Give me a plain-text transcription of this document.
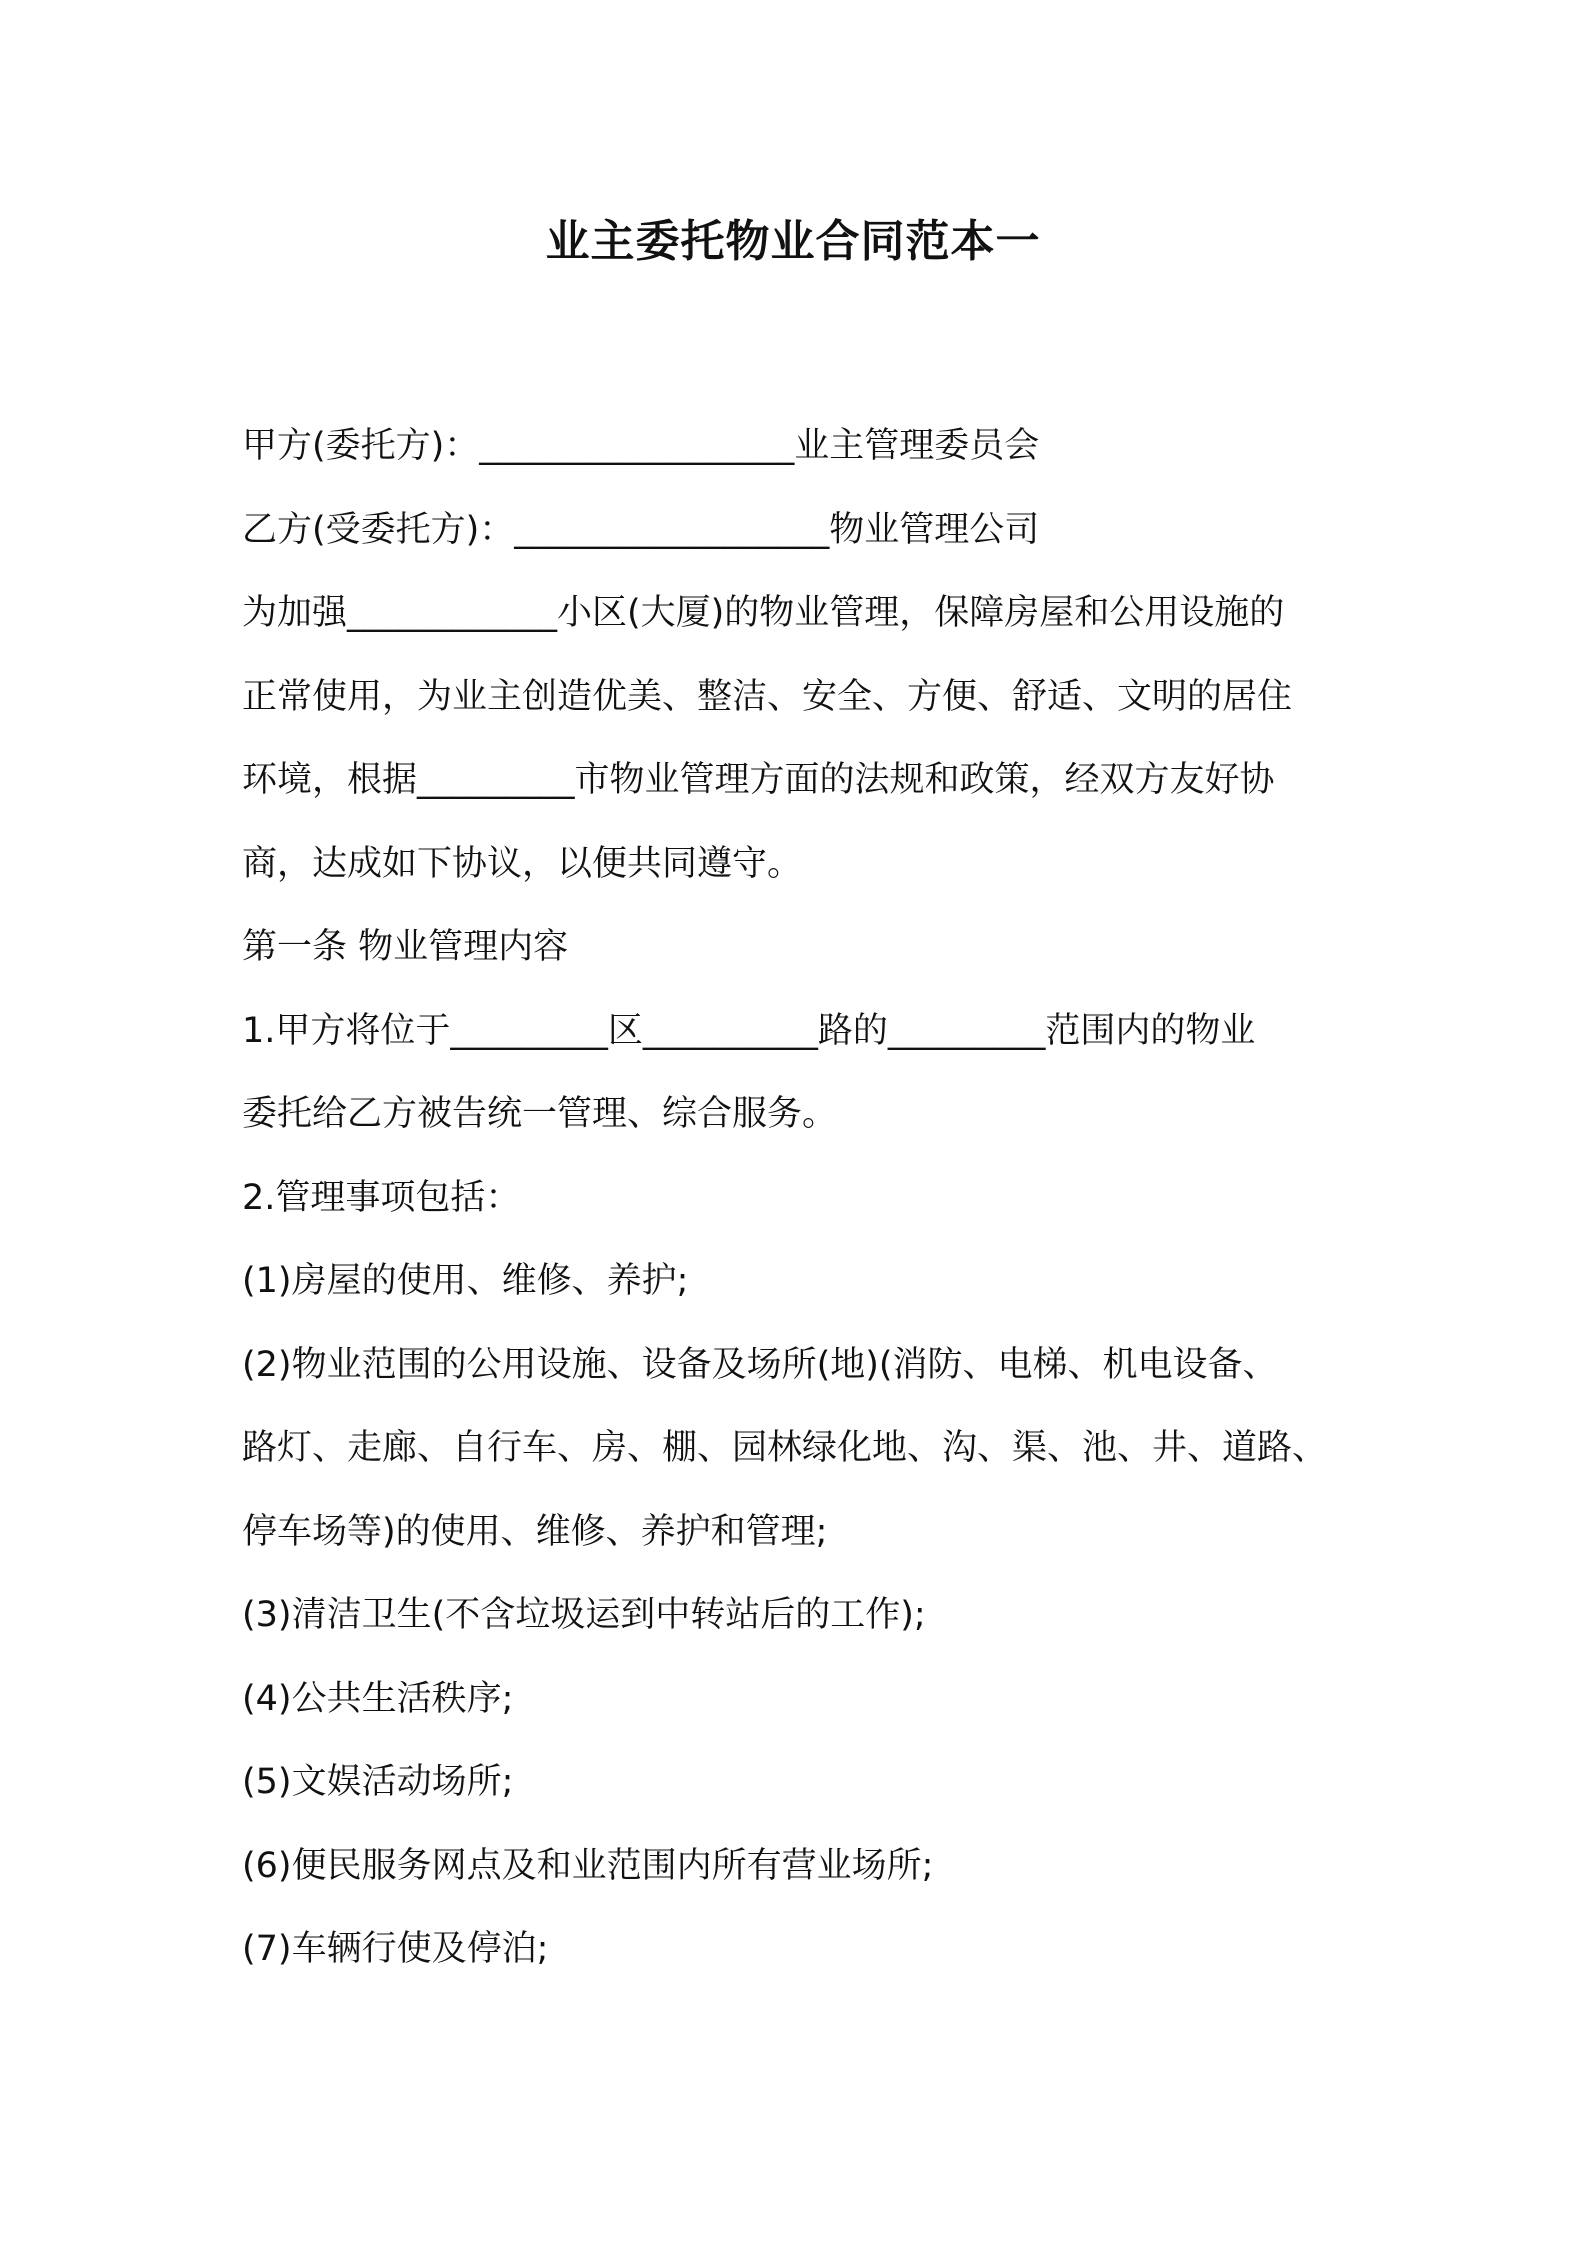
业主委托物业合同范本一

甲方(委托方)：__________________业主管理委员会

乙方(受委托方)：__________________物业管理公司

为加强____________小区(大厦)的物业管理，保障房屋和公用设施的

正常使用，为业主创造优美、整洁、安全、方便、舒适、文明的居住

环境，根据_________市物业管理方面的法规和政策，经双方友好协

商，达成如下协议，以便共同遵守。

第一条 物业管理内容

1.甲方将位于_________区__________路的_________范围内的物业

委托给乙方被告统一管理、综合服务。

2.管理事项包括：

(1)房屋的使用、维修、养护;

(2)物业范围的公用设施、设备及场所(地)(消防、电梯、机电设备、

路灯、走廊、自行车、房、棚、园林绿化地、沟、渠、池、井、道路、

停车场等)的使用、维修、养护和管理;

(3)清洁卫生(不含垃圾运到中转站后的工作);

(4)公共生活秩序;

(5)文娱活动场所;

(6)便民服务网点及和业范围内所有营业场所;

(7)车辆行使及停泊;
